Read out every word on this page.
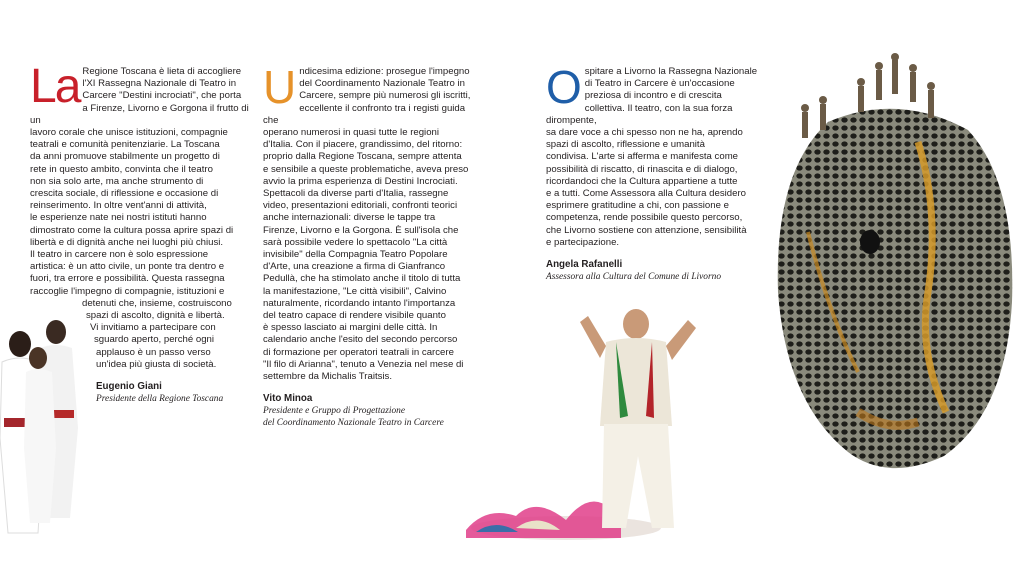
La Regione Toscana è lieta di accogliere

l'XI Rassegna Nazionale di Teatro in

Carcere "Destini incrociati", che porta

a Firenze, Livorno e Gorgona il frutto di un

lavoro corale che unisce istituzioni, compagnie

teatrali e comunità penitenziarie. La Toscana

da anni promuove stabilmente un progetto di

rete in questo ambito, convinta che il teatro

non sia solo arte, ma anche strumento di

crescita sociale, di riflessione e occasione di

reinserimento. In oltre vent'anni di attività,

le esperienze nate nei nostri istituti hanno

dimostrato come la cultura possa aprire spazi di

libertà e di dignità anche nei luoghi più chiusi.

Il teatro in carcere non è solo espressione

artistica: è un atto civile, un ponte tra dentro e

fuori, tra errore e possibilità. Questa rassegna

raccoglie l'impegno di compagnie, istituzioni e

detenuti che, insieme, costruiscono

spazi di ascolto, dignità e libertà.

Vi invitiamo a partecipare con

sguardo aperto, perché ogni

applauso è un passo verso

un'idea più giusta di società.

Eugenio Giani
Presidente della Regione Toscana
U ndicesima edizione: prosegue l'impegno

del Coordinamento Nazionale Teatro in

Carcere, sempre più numerosi gli iscritti,

eccellente il confronto tra i registi guida che

operano numerosi in quasi tutte le regioni

d'Italia. Con il piacere, grandissimo, del ritorno:

proprio dalla Regione Toscana, sempre attenta

e sensibile a queste problematiche, aveva preso

avvio la prima esperienza di Destini Incrociati.

Spettacoli da diverse parti d'Italia, rassegne

video, presentazioni editoriali, confronti teorici

anche internazionali: diverse le tappe tra

Firenze, Livorno e la Gorgona. È sull'isola che

sarà possibile vedere lo spettacolo "La città

invisibile" della Compagnia Teatro Popolare

d'Arte, una creazione a firma di Gianfranco

Pedullà, che ha stimolato anche il titolo di tutta

la manifestazione, "Le città visibili", Calvino

naturalmente, ricordando intanto l'importanza

del teatro capace di rendere visibile quanto

è spesso lasciato ai margini delle città. In

calendario anche l'esito del secondo percorso

di formazione per operatori teatrali in carcere

"Il filo di Arianna", tenuto a Venezia nel mese di

settembre da Michalis Traitsis.

Vito Minoa
Presidente e Gruppo di Progettazione
del Coordinamento Nazionale Teatro in Carcere
O spitare a Livorno la Rassegna Nazionale

di Teatro in Carcere è un'occasione

preziosa di incontro e di crescita

collettiva. Il teatro, con la sua forza dirompente,

sa dare voce a chi spesso non ne ha, aprendo

spazi di ascolto, riflessione e umanità

condivisa. L'arte si afferma e manifesta come

possibilità di riscatto, di rinascita e di dialogo,

ricordandoci che la Cultura appartiene a tutte

e a tutti. Come Assessora alla Cultura desidero

esprimere gratitudine a chi, con passione e

competenza, rende possibile questo percorso,

che Livorno sostiene con attenzione, sensibilità

e partecipazione.

Angela Rafanelli
Assessora alla Cultura del Comune di Livorno
